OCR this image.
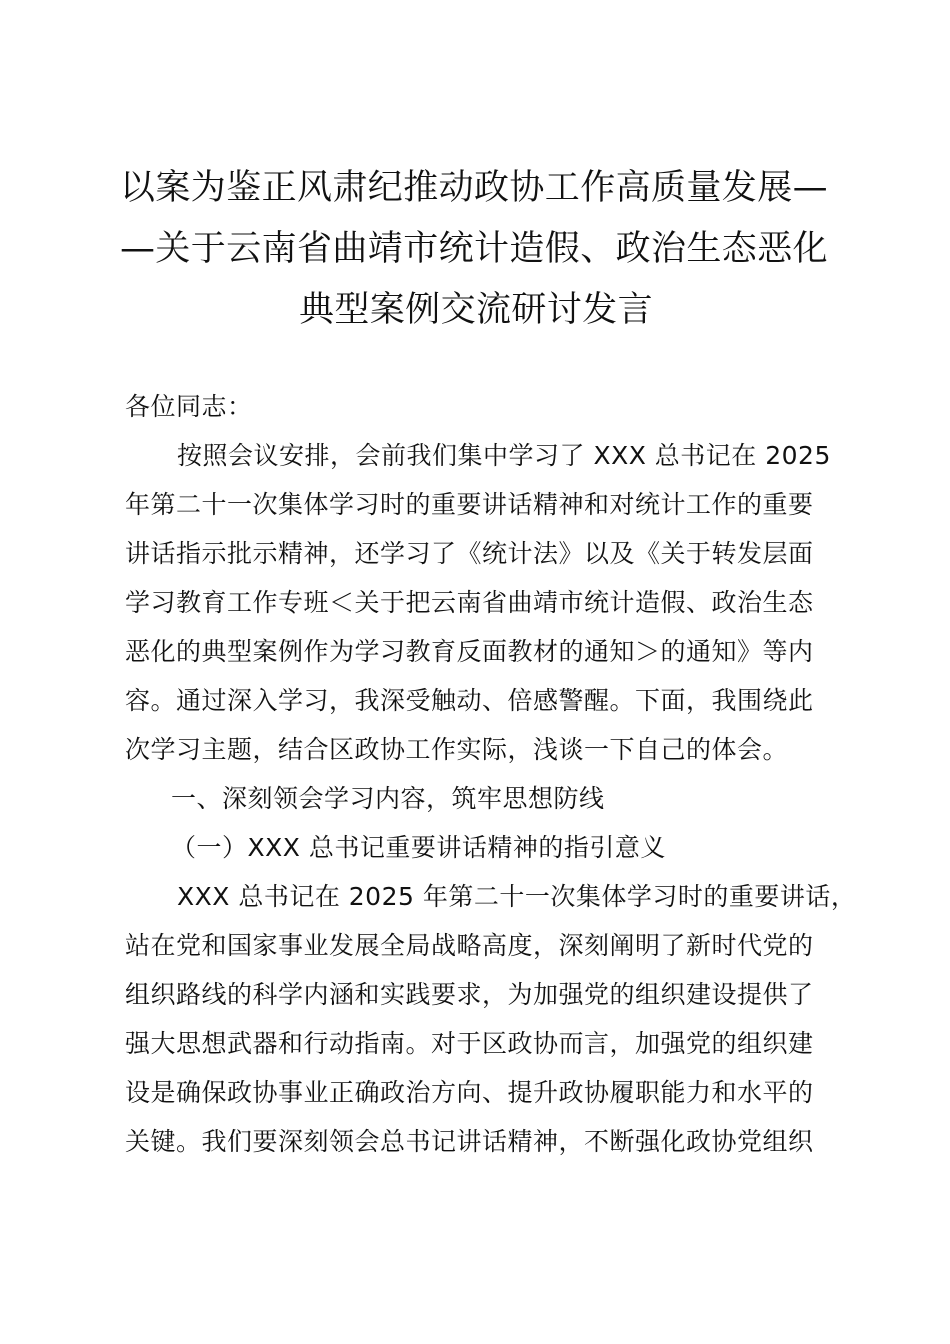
以案为鉴正风肃纪推动政协工作高质量发展—
—关于云南省曲靖市统计造假、政治生态恶化
典型案例交流研讨发言
各位同志：
按照会议安排，会前我们集中学习了 XXX 总书记在 2025
年第二十一次集体学习时的重要讲话精神和对统计工作的重要
讲话指示批示精神，还学习了《统计法》以及《关于转发层面
学习教育工作专班＜关于把云南省曲靖市统计造假、政治生态
恶化的典型案例作为学习教育反面教材的通知＞的通知》等内
容。通过深入学习，我深受触动、倍感警醒。下面，我围绕此
次学习主题，结合区政协工作实际，浅谈一下自己的体会。
一、深刻领会学习内容，筑牢思想防线
（一）XXX 总书记重要讲话精神的指引意义
XXX 总书记在 2025 年第二十一次集体学习时的重要讲话，
站在党和国家事业发展全局战略高度，深刻阐明了新时代党的
组织路线的科学内涵和实践要求，为加强党的组织建设提供了
强大思想武器和行动指南。对于区政协而言，加强党的组织建
设是确保政协事业正确政治方向、提升政协履职能力和水平的
关键。我们要深刻领会总书记讲话精神，不断强化政协党组织
